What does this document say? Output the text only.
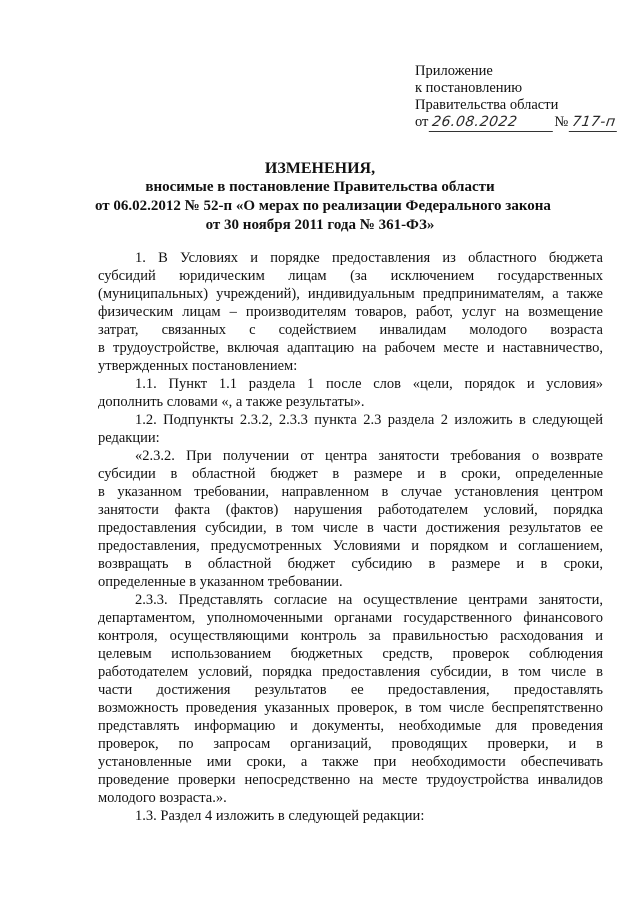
Приложение
к постановлению
Правительства области
от 26.08.2022	№ 717-п
ИЗМЕНЕНИЯ,
вносимые в постановление Правительства области
от 06.02.2012 № 52-п «О мерах по реализации Федерального закона
от 30 ноября 2011 года № 361-ФЗ»
1. В Условиях и порядке предоставления из областного бюджета
субсидий юридическим лицам (за исключением государственных
(муниципальных) учреждений), индивидуальным предпринимателям, а также
физическим лицам – производителям товаров, работ, услуг на возмещение
затрат, связанных с содействием инвалидам молодого возраста
в трудоустройстве, включая адаптацию на рабочем месте и наставничество,
утвержденных постановлением:
1.1. Пункт 1.1 раздела 1 после слов «цели, порядок и условия»
дополнить словами «, а также результаты».
1.2. Подпункты 2.3.2, 2.3.3 пункта 2.3 раздела 2 изложить в следующей
редакции:
«2.3.2. При получении от центра занятости требования о возврате
субсидии в областной бюджет в размере и в сроки, определенные
в указанном требовании, направленном в случае установления центром
занятости факта (фактов) нарушения работодателем условий, порядка
предоставления субсидии, в том числе в части достижения результатов ее
предоставления, предусмотренных Условиями и порядком и соглашением,
возвращать в областной бюджет субсидию в размере и в сроки,
определенные в указанном требовании.
2.3.3. Представлять согласие на осуществление центрами занятости,
департаментом, уполномоченными органами государственного финансового
контроля, осуществляющими контроль за правильностью расходования и
целевым использованием бюджетных средств, проверок соблюдения
работодателем условий, порядка предоставления субсидии, в том числе в
части достижения результатов ее предоставления, предоставлять
возможность проведения указанных проверок, в том числе беспрепятственно
представлять информацию и документы, необходимые для проведения
проверок, по запросам организаций, проводящих проверки, и в
установленные ими сроки, а также при необходимости обеспечивать
проведение проверки непосредственно на месте трудоустройства инвалидов
молодого возраста.».
1.3. Раздел 4 изложить в следующей редакции:
